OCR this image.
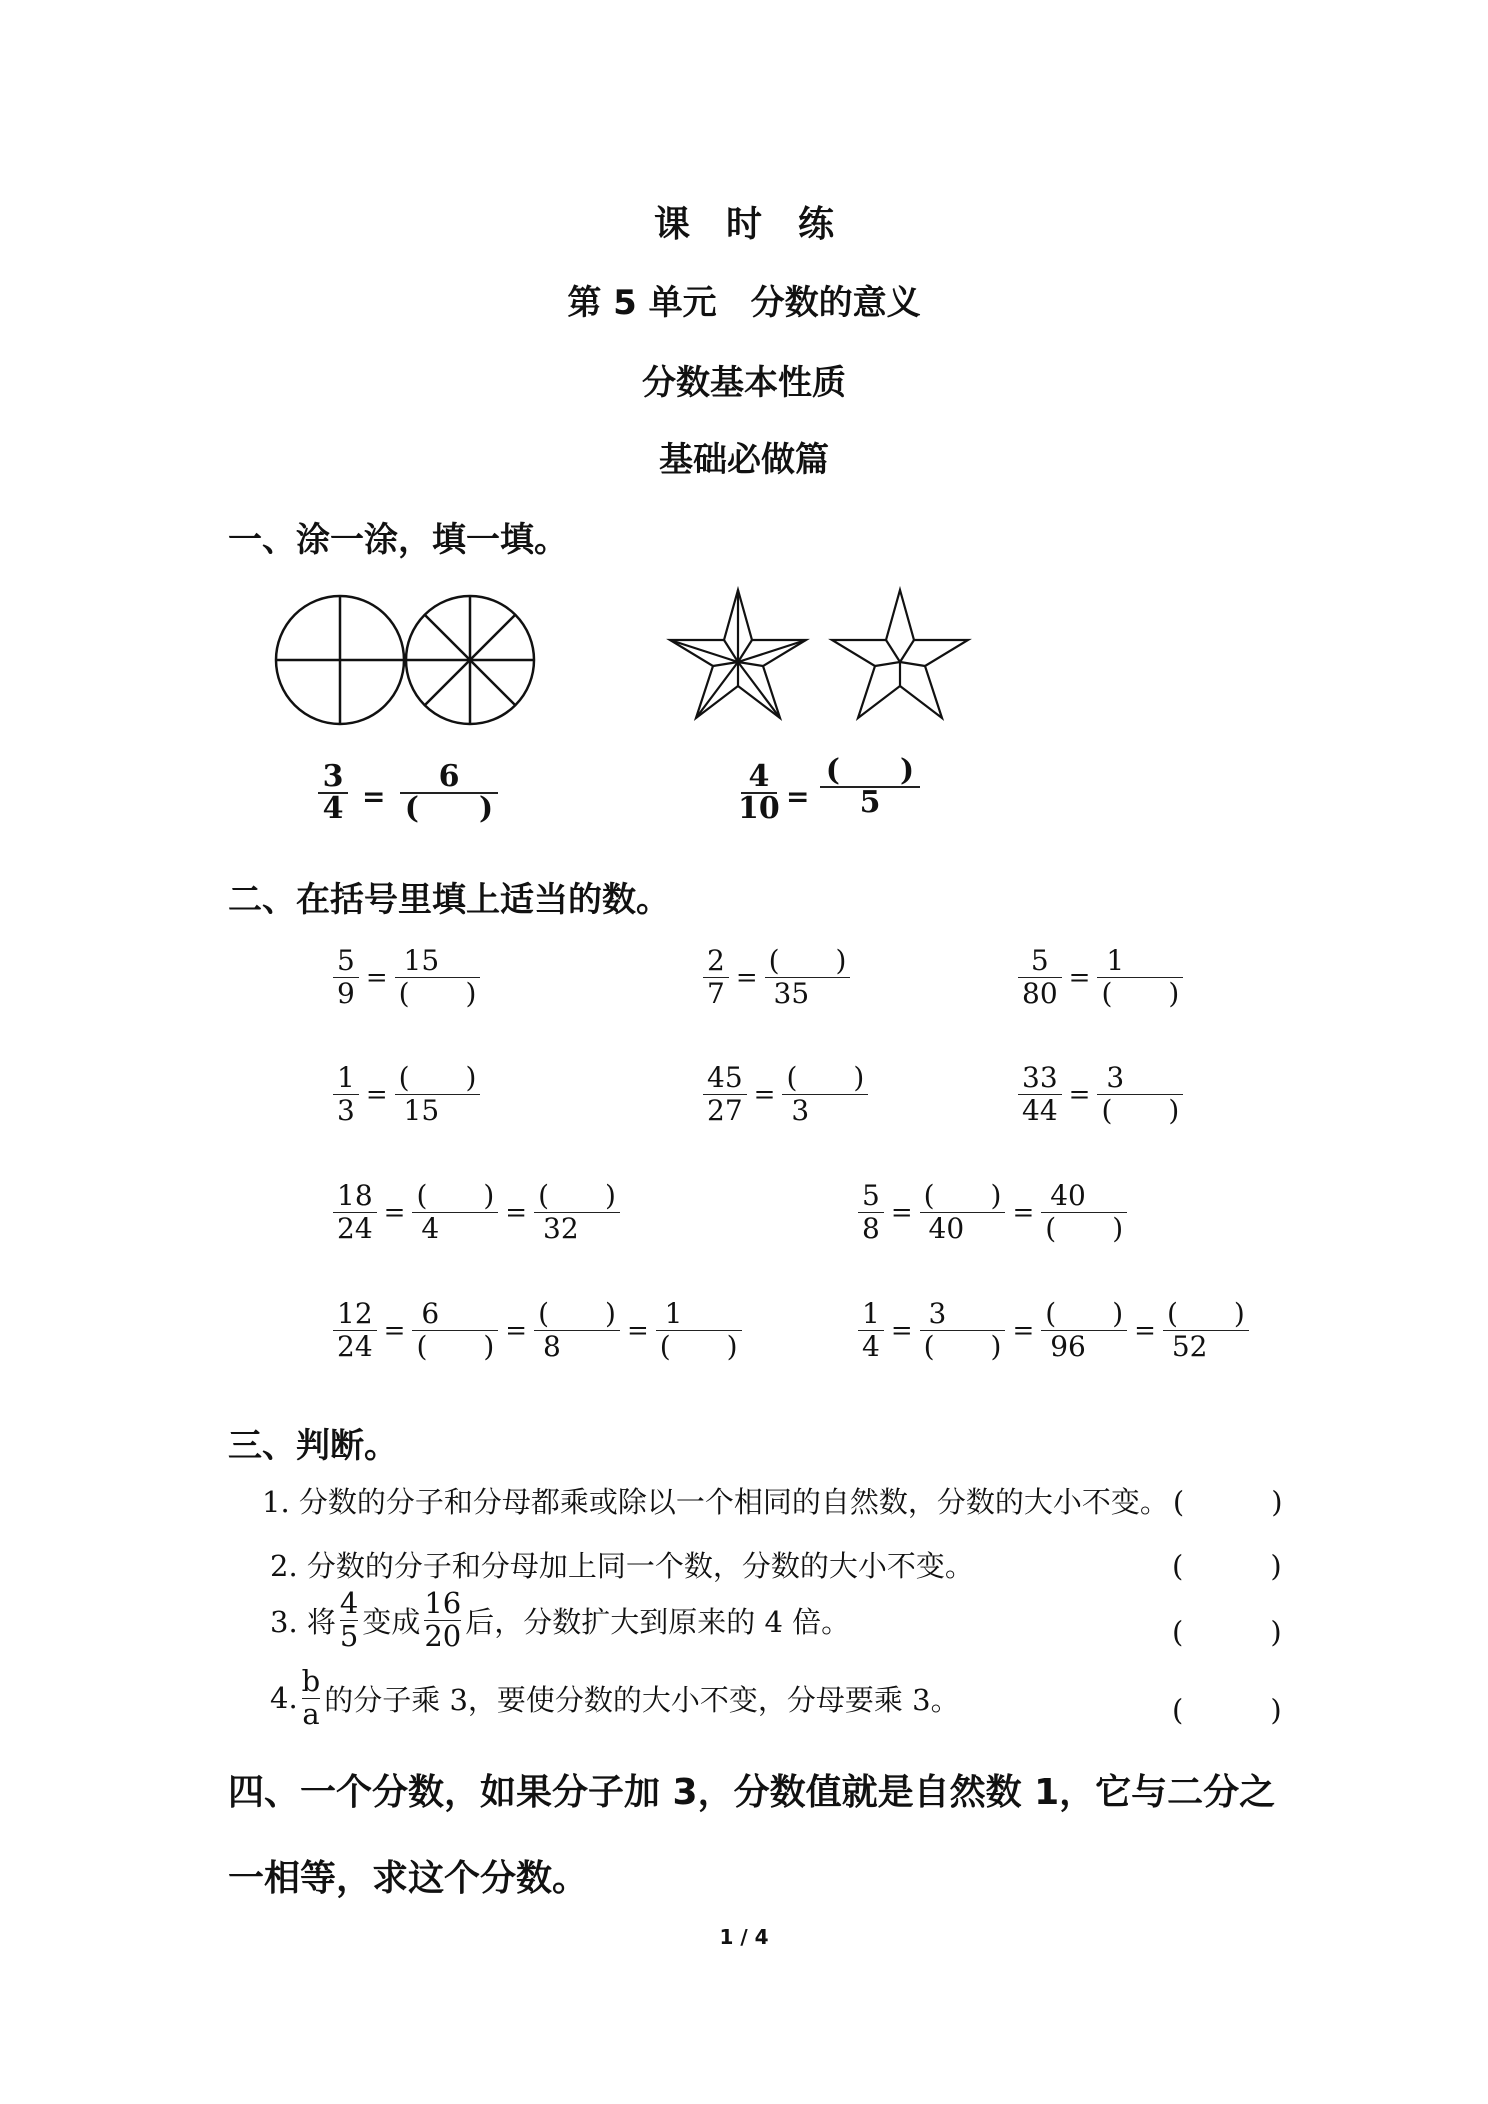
课　时　练
第 5 单元　分数的意义
分数基本性质
基础必做篇
一、涂一涂，填一填。
3
4 =
6
(　　)
4
10 =
(　　)
5
二、在括号里填上适当的数。
5
9 =
15
(　　)
2
7 =
(　　)
35
5
80 =
1
(　　)
1
3 =
(　　)
15
45
27 =
(　　)
3
33
44 =
3
(　　)
18
24 =
(　　)
4	=
(　　)
32
5
8 =
(　　)
40	=
40
(　　)
12
24 =
6
(　　) =
(　　)
8	=
1
(　　)
1
4 =
3
(　　) =
(　　)
96	=
(　　)
52
三、判断。
1. 分数的分子和分母都乘或除以一个相同的自然数，分数的大小不变。 (　　　)
2. 分数的分子和分母加上同一个数，分数的大小不变。	(　　　)
3. 将
4
5 变成
16
20 后，分数扩大到原来的 4 倍。	(　　　)
4.
b
a 的分子乘 3，要使分数的大小不变，分母要乘 3。	(　　　)
四、一个分数，如果分子加 3，分数值就是自然数 1，它与二分之一相等，求这个分数。
1 / 4
